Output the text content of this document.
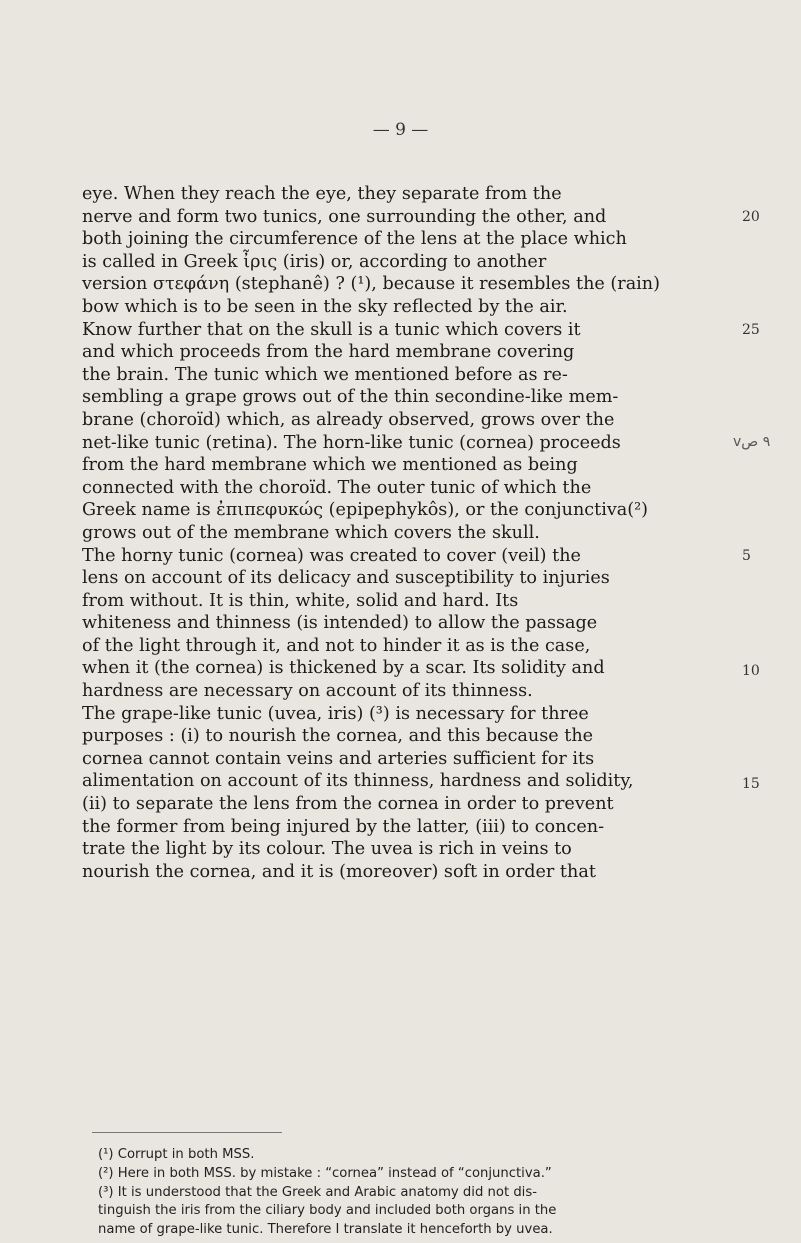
— 9 —
eye. When they reach the eye, they separate from the
nerve and form two tunics, one surrounding the other, and
both joining the circumference of the lens at the place which
is called in Greek ἶρις (iris) or, according to another
version στεφάνη (stephanê) ? (¹), because it resembles the (rain)
bow which is to be seen in the sky reflected by the air.
Know further that on the skull is a tunic which covers it
and which proceeds from the hard membrane covering
the brain. The tunic which we mentioned before as re-
sembling a grape grows out of the thin secondine-like mem-
brane (choroïd) which, as already observed, grows over the
net-like tunic (retina). The horn-like tunic (cornea) proceeds
from the hard membrane which we mentioned as being
connected with the choroïd. The outer tunic of which the
Greek name is ἐπιπεφυκώς (epipephykôs), or the conjunctiva(²)
grows out of the membrane which covers the skull.
The horny tunic (cornea) was created to cover (veil) the
lens on account of its delicacy and susceptibility to injuries
from without. It is thin, white, solid and hard. Its
whiteness and thinness (is intended) to allow the passage
of the light through it, and not to hinder it as is the case,
when it (the cornea) is thickened by a scar. Its solidity and
hardness are necessary on account of its thinness.
The grape-like tunic (uvea, iris) (³) is necessary for three
purposes : (i) to nourish the cornea, and this because the
cornea cannot contain veins and arteries sufficient for its
alimentation on account of its thinness, hardness and solidity,
(ii) to separate the lens from the cornea in order to prevent
the former from being injured by the latter, (iii) to concen-
trate the light by its colour. The uvea is rich in veins to
nourish the cornea, and it is (moreover) soft in order that
20
25
v٩ ﺹ
5
10
15
(¹) Corrupt in both MSS.
(²) Here in both MSS. by mistake : “cornea” instead of “conjunctiva.”
(³) It is understood that the Greek and Arabic anatomy did not dis-
tinguish the iris from the ciliary body and included both organs in the
name of grape-like tunic. Therefore I translate it henceforth by uvea.
